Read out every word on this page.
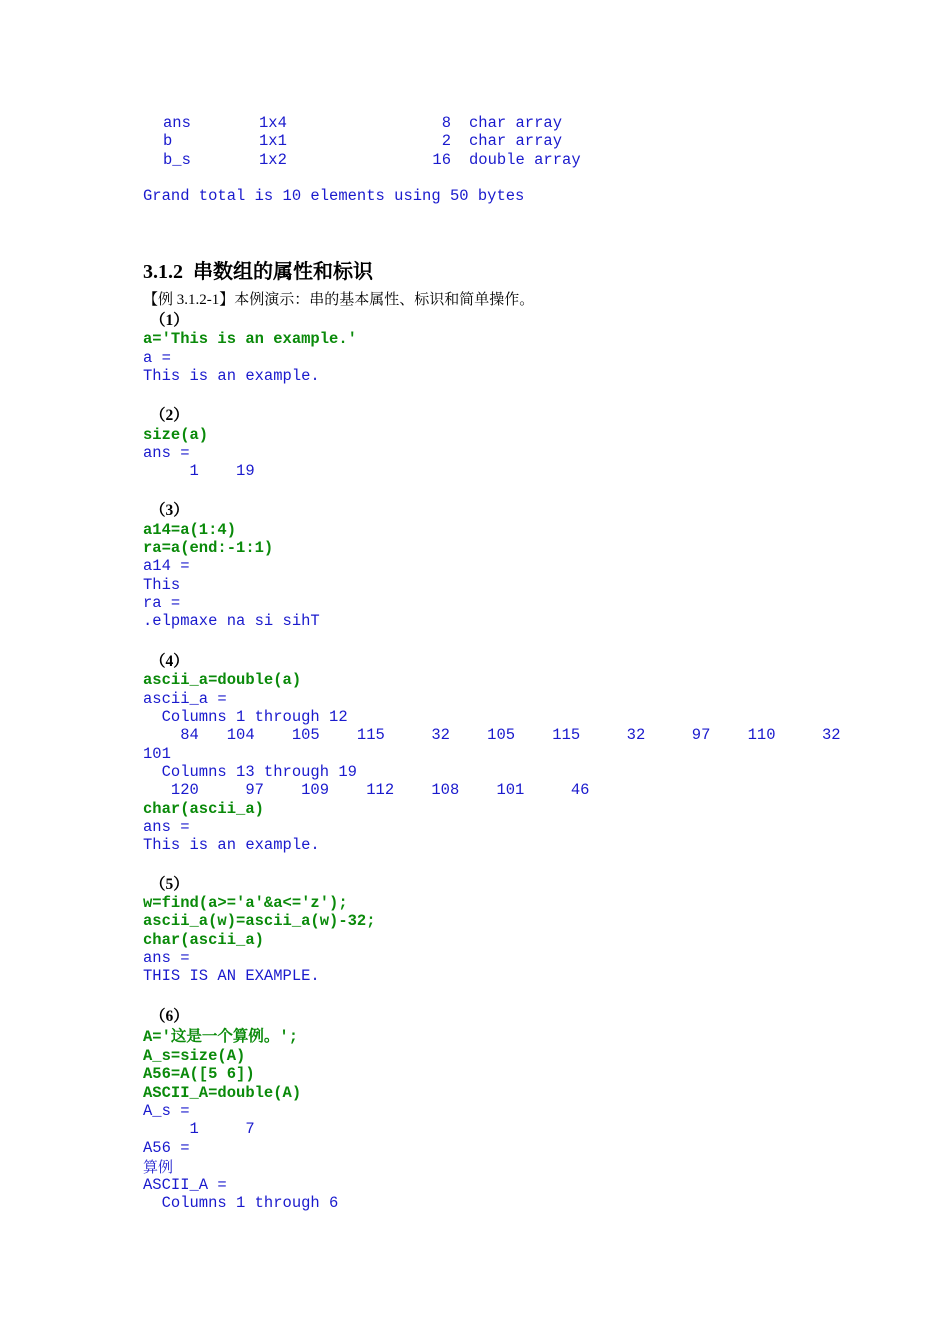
ans	1x4	8 char array
b	1x1	2 char array
b_s	1x2	16 double array

Grand total is 10 elements using 50 bytes

3.1.2  串数组的属性和标识
【例 3.1.2-1】本例演示：串的基本属性、标识和简单操作。
（1）

a='This is an example.'

a =

This is an example.

（2）

size(a)

ans =

1    19

（3）

a14=a(1:4)

ra=a(end:-1:1)

a14 =

This

ra =

.elpmaxe na si sihT

（4）

ascii_a=double(a)

ascii_a =

Columns 1 through 12

84   104    105    115     32    105    115     32     97    110     32

101

Columns 13 through 19

120     97    109    112    108    101     46

char(ascii_a)

ans =

This is an example.

（5）

w=find(a>='a'&a<='z');

ascii_a(w)=ascii_a(w)-32;

char(ascii_a)

ans =

THIS IS AN EXAMPLE.

（6）

A='这是一个算例。';

A_s=size(A)

A56=A([5 6])

ASCII_A=double(A)

A_s =

1     7

A56 =

算例

ASCII_A =

Columns 1 through 6
